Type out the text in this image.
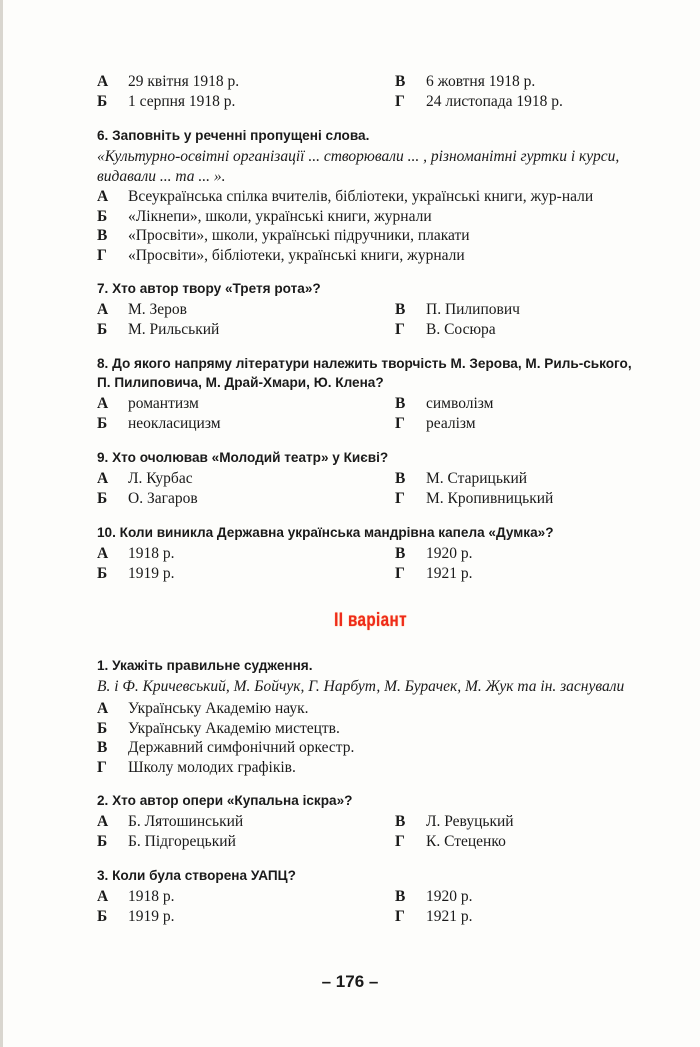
А	29 квітня 1918 р.	В	6 жовтня 1918 р.
Б	1 серпня 1918 р.	Г	24 листопада 1918 р.
6. Заповніть у реченні пропущені слова.
«Культурно-освітні організації ... створювали ... , різноманітні гуртки і курси, видавали ... та ... ».
А	Всеукраїнська спілка вчителів, бібліотеки, українські книги, жур-нали
Б	«Лікнепи», школи, українські книги, журнали
В	«Просвіти», школи, українські підручники, плакати
Г	«Просвіти», бібліотеки, українські книги, журнали
7. Хто автор твору «Третя рота»?
А	М. Зеров	В	П. Пилипович
Б	М. Рильський	Г	В. Сосюра
8. До якого напряму літератури належить творчість М. Зерова, М. Риль-ського, П. Пилиповича, М. Драй-Хмари, Ю. Клена?
А	романтизм	В	символізм
Б	неокласицизм	Г	реалізм
9. Хто очолював «Молодий театр» у Києві?
А	Л. Курбас	В	М. Старицький
Б	О. Загаров	Г	М. Кропивницький
10. Коли виникла Державна українська мандрівна капела «Думка»?
А	1918 р.	В	1920 р.
Б	1919 р.	Г	1921 р.
II варіант
1. Укажіть правильне судження.
В. і Ф. Кричевський, М. Бойчук, Г. Нарбут, М. Бурачек, М. Жук та ін. заснували
А	Українську Академію наук.
Б	Українську Академію мистецтв.
В	Державний симфонічний оркестр.
Г	Школу молодих графіків.
2. Хто автор опери «Купальна іскра»?
А	Б. Лятошинський	В	Л. Ревуцький
Б	Б. Підгорецький	Г	К. Стеценко
3. Коли була створена УАПЦ?
А	1918 р.	В	1920 р.
Б	1919 р.	Г	1921 р.
– 176 –
